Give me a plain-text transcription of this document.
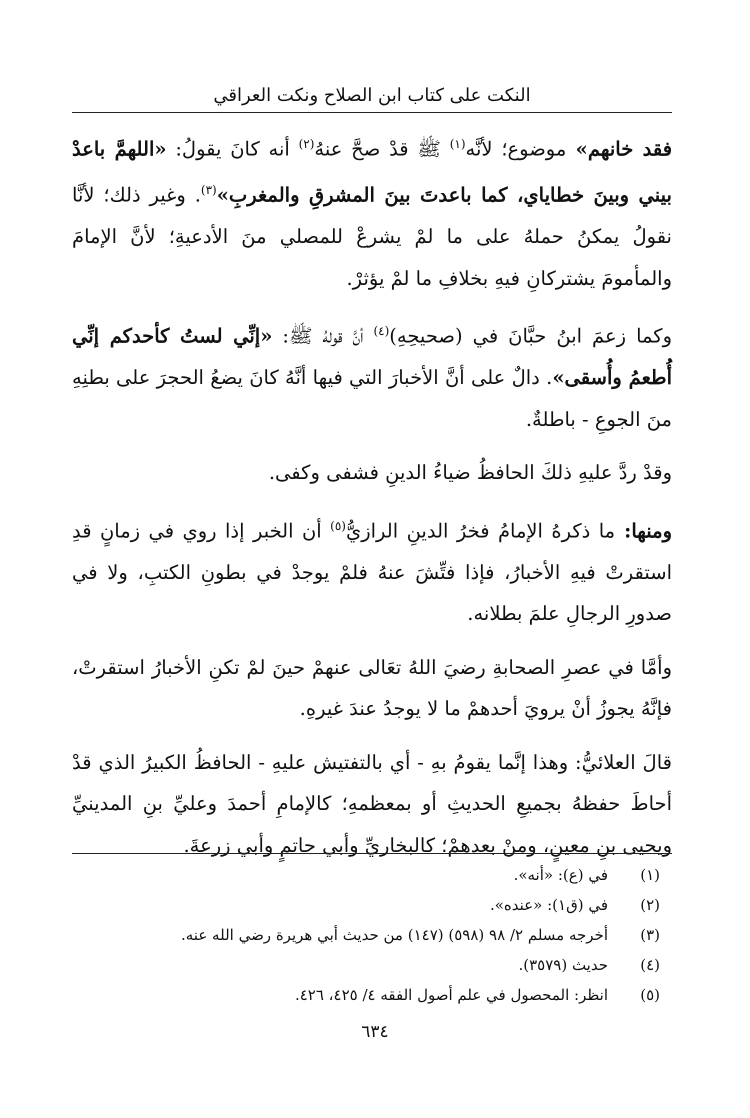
النكت على كتاب ابن الصلاح ونكت العراقي

فقد خانهم» موضوع؛ لأنَّه$^{(١)}$ ﷺ قدْ صحَّ عنهُ$^{(٢)}$ أنه كانَ يقولُ: «اللهمَّ باعدْ بيني وبينَ خطاياي، كما باعدتَ بينَ المشرقِ والمغربِ»$^{(٣)}$. وغير ذلك؛ لأنَّا نقولُ يمكنُ حملهُ على ما لمْ يشرعْ للمصلي منَ الأدعيةِ؛ لأنَّ الإمامَ والمأمومَ يشتركانِ فيهِ بخلافِ ما لمْ يؤثرْ.

وكما زعمَ ابنُ حبَّانَ في (صحيحِهِ)$^{(٤)}$ أنَّ قولهُ ﷺ: «إنِّي لستُ كأحدكم إنِّي أُطعمُ وأُسقى». دالٌ على أنَّ الأخبارَ التي فيها أنَّهُ كانَ يضعُ الحجرَ على بطنِهِ منَ الجوعِ - باطلةٌ.

وقدْ ردَّ عليهِ ذلكَ الحافظُ ضياءُ الدينِ فشفى وكفى.

ومنها: ما ذكرهُ الإمامُ فخرُ الدينِ الرازيُّ$^{(٥)}$ أن الخبر إذا روي في زمانٍ قدِ استقرتْ فيهِ الأخبارُ، فإذا فتِّشَ عنهُ فلمْ يوجدْ في بطونِ الكتبِ، ولا في صدورِ الرجالِ علمَ بطلانه.

وأمَّا في عصرِ الصحابةِ رضيَ اللهُ تعَالى عنهمْ حينَ لمْ تكنِ الأخبارُ استقرتْ، فإنَّهُ يجوزُ أنْ يرويَ أحدهمْ ما لا يوجدُ عندَ غيرهِ.

قالَ العلائيُّ: وهذا إنَّما يقومُ بهِ - أي بالتفتيش عليهِ - الحافظُ الكبيرُ الذي قدْ أحاطَ حفظهُ بجميعِ الحديثِ أو بمعظمهِ؛ كالإمامِ أحمدَ وعليِّ بنِ المدينيِّ ويحيى بنِ معينٍ، ومنْ بعدهمْ؛ كالبخاريِّ وأبي حاتمٍ وأبي زرعةَ.

(١)
في (ع): «أنه».
(٢)
في (ق١): «عنده».
(٣)
أخرجه مسلم ٢/ ٩٨ (٥٩٨) (١٤٧) من حديث أبي هريرة رضي الله عنه.
(٤)
حديث (٣٥٧٩).
(٥)
انظر: المحصول في علم أصول الفقه ٤/ ٤٢٥، ٤٢٦.
٦٣٤
